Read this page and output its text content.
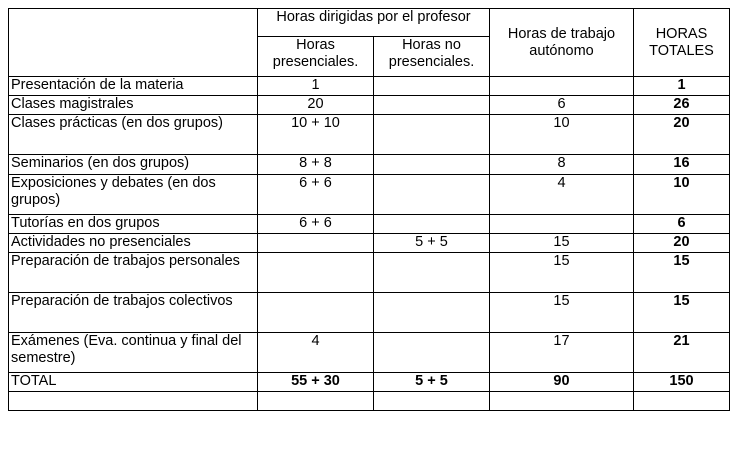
	Horas dirigidas por el profesor		Horas de trabajo autónomo	HORAS TOTALES
	Horas presenciales.	Horas no presenciales.		
Presentación de la materia	1			1
Clases magistrales	20		6	26
Clases prácticas (en dos grupos)	10 + 10		10	20
Seminarios (en dos grupos)	8 + 8		8	16
Exposiciones y debates (en dos grupos)	6 + 6		4	10
Tutorías en dos grupos	6 + 6			6
Actividades no presenciales		5 + 5	15	20
Preparación de trabajos personales			15	15
Preparación de trabajos colectivos			15	15
Exámenes (Eva. continua y final del semestre)	4		17	21
TOTAL	55 + 30	5 + 5	90	150
